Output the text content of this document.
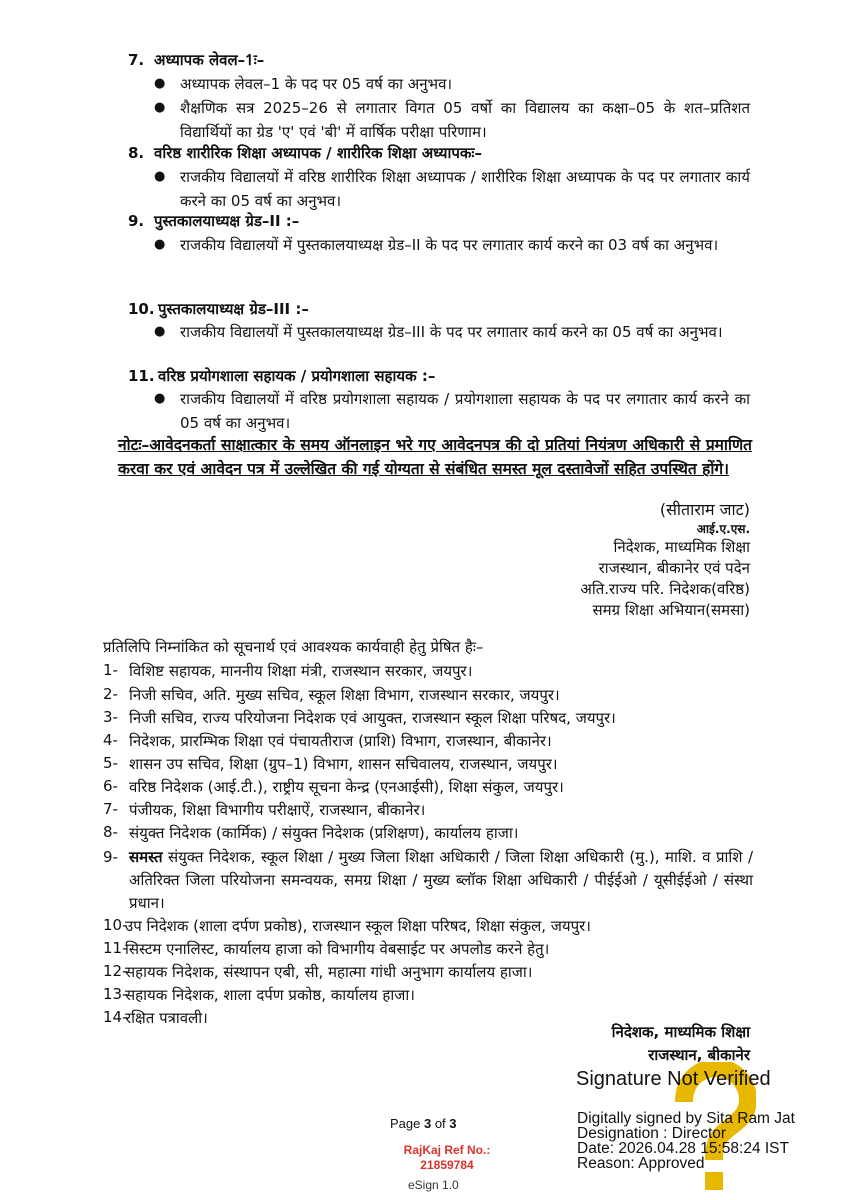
7. अध्यापक लेवल–1ः–
● अध्यापक लेवल–1 के पद पर 05 वर्ष का अनुभव।
● शैक्षणिक सत्र 2025–26 से लगातार विगत 05 वर्षो का विद्यालय का कक्षा–05 के शत–प्रतिशत विद्यार्थियों का ग्रेड 'ए' एवं 'बी' में वार्षिक परीक्षा परिणाम।
8. वरिष्ठ शारीरिक शिक्षा अध्यापक / शारीरिक शिक्षा अध्यापकः–
● राजकीय विद्यालयों में वरिष्ठ शारीरिक शिक्षा अध्यापक / शारीरिक शिक्षा अध्यापक के पद पर लगातार कार्य करने का 05 वर्ष का अनुभव।
9. पुस्तकालयाध्यक्ष ग्रेड–II :–
● राजकीय विद्यालयों में पुस्तकालयाध्यक्ष ग्रेड–II के पद पर लगातार कार्य करने का 03 वर्ष का अनुभव।
10. पुस्तकालयाध्यक्ष ग्रेड–III :–
● राजकीय विद्यालयों में पुस्तकालयाध्यक्ष ग्रेड–III के पद पर लगातार कार्य करने का 05 वर्ष का अनुभव।
11. वरिष्ठ प्रयोगशाला सहायक / प्रयोगशाला सहायक :–
● राजकीय विद्यालयों में वरिष्ठ प्रयोगशाला सहायक / प्रयोगशाला सहायक के पद पर लगातार कार्य करने का 05 वर्ष का अनुभव।
नोटः–आवेदनकर्ता साक्षात्कार के समय ऑनलाइन भरे गए आवेदनपत्र की दो प्रतियां नियंत्रण अधिकारी से प्रमाणित करवा कर एवं आवेदन पत्र में उल्लेखित की गई योग्यता से संबंधित समस्त मूल दस्तावेजों सहित उपस्थित होंगे।
(सीताराम जाट)
आई.ए.एस.
निदेशक, माध्यमिक शिक्षा
राजस्थान, बीकानेर एवं पदेन
अति.राज्य परि. निदेशक(वरिष्ठ)
समग्र शिक्षा अभियान(समसा)
प्रतिलिपि निम्नांकित को सूचनार्थ एवं आवश्यक कार्यवाही हेतु प्रेषित हैः–
1- विशिष्ट सहायक, माननीय शिक्षा मंत्री, राजस्थान सरकार, जयपुर।
2- निजी सचिव, अति. मुख्य सचिव, स्कूल शिक्षा विभाग, राजस्थान सरकार, जयपुर।
3- निजी सचिव, राज्य परियोजना निदेशक एवं आयुक्त, राजस्थान स्कूल शिक्षा परिषद, जयपुर।
4- निदेशक, प्रारम्भिक शिक्षा एवं पंचायतीराज (प्राशि) विभाग, राजस्थान, बीकानेर।
5- शासन उप सचिव, शिक्षा (ग्रुप–1) विभाग, शासन सचिवालय, राजस्थान, जयपुर।
6- वरिष्ठ निदेशक (आई.टी.), राष्ट्रीय सूचना केन्द्र (एनआईसी), शिक्षा संकुल, जयपुर।
7- पंजीयक, शिक्षा विभागीय परीक्षाऐं, राजस्थान, बीकानेर।
8- संयुक्त निदेशक (कार्मिक) / संयुक्त निदेशक (प्रशिक्षण), कार्यालय हाजा।
9- समस्त संयुक्त निदेशक, स्कूल शिक्षा / मुख्य जिला शिक्षा अधिकारी / जिला शिक्षा अधिकारी (मु.), माशि. व प्राशि / अतिरिक्त जिला परियोजना समन्वयक, समग्र शिक्षा / मुख्य ब्लॉक शिक्षा अधिकारी / पीईईओ / यूसीईईओ / संस्था प्रधान।
10-
उप निदेशक (शाला दर्पण प्रकोष्ठ), राजस्थान स्कूल शिक्षा परिषद, शिक्षा संकुल, जयपुर।
11-
सिस्टम एनालिस्ट, कार्यालय हाजा को विभागीय वेबसाईट पर अपलोड करने हेतु।
12-
सहायक निदेशक, संस्थापन एबी, सी, महात्मा गांधी अनुभाग कार्यालय हाजा।
13-
सहायक निदेशक, शाला दर्पण प्रकोष्ठ, कार्यालय हाजा।
14-
रक्षित पत्रावली।
निदेशक, माध्यमिक शिक्षा
राजस्थान, बीकानेर
Page 3 of 3
RajKaj Ref No.:
21859784
eSign 1.0
Signature Not Verified
Digitally signed by Sita Ram Jat
Designation : Director
Date: 2026.04.28 15:58:24 IST
Reason: Approved
